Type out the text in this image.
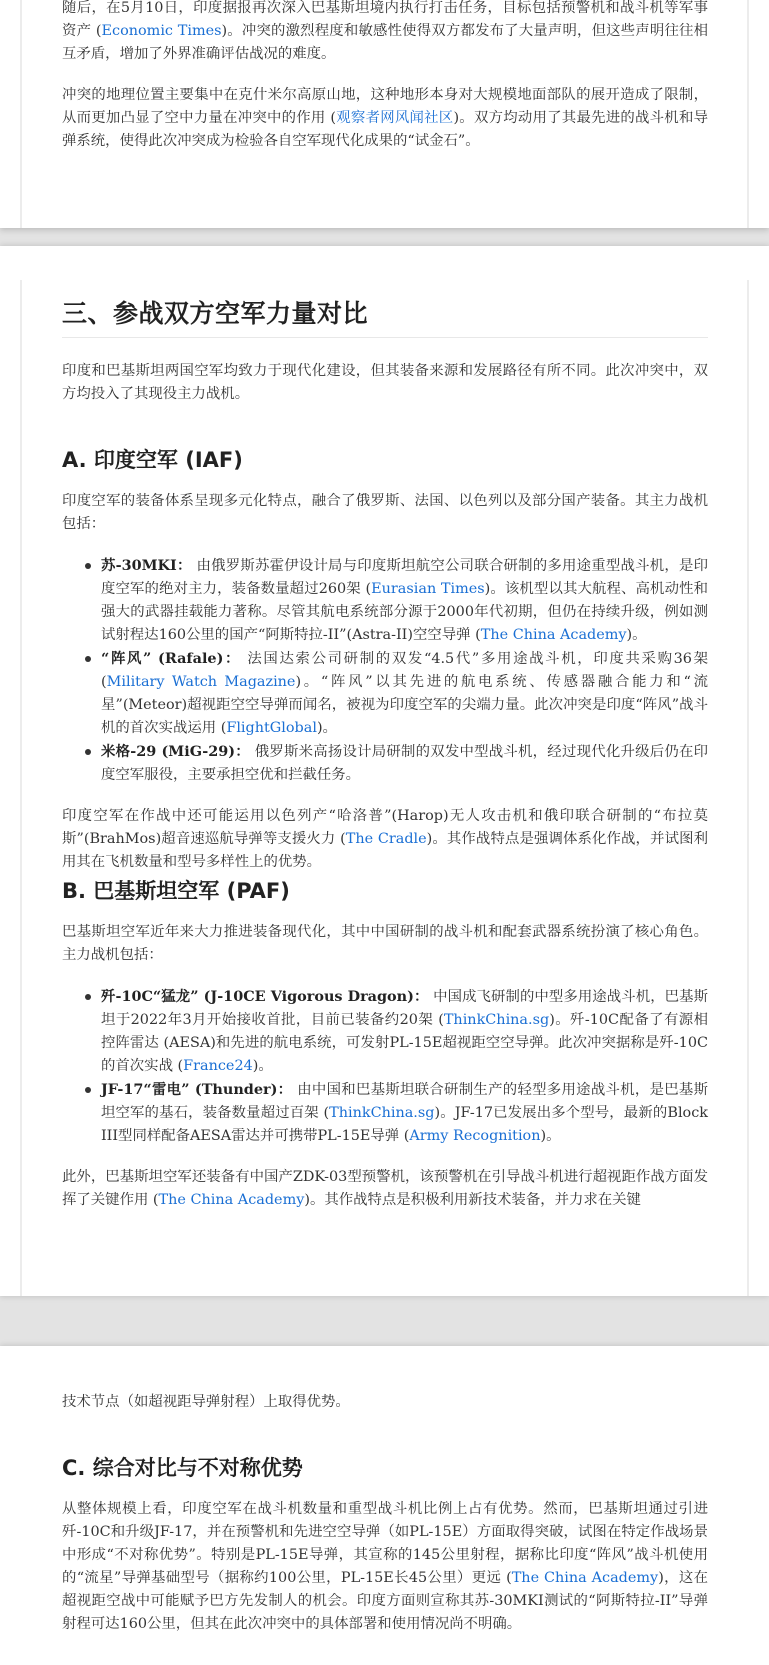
随后，在5月10日，印度据报再次深入巴基斯坦境内执行打击任务，目标包括预警机和战斗机等军事资产 (Economic Times)。冲突的激烈程度和敏感性使得双方都发布了大量声明，但这些声明往往相互矛盾，增加了外界准确评估战况的难度。

冲突的地理位置主要集中在克什米尔高原山地，这种地形本身对大规模地面部队的展开造成了限制，从而更加凸显了空中力量在冲突中的作用 (观察者网风闻社区)。双方均动用了其最先进的战斗机和导弹系统，使得此次冲突成为检验各自空军现代化成果的“试金石”。

三、参战双方空军力量对比

印度和巴基斯坦两国空军均致力于现代化建设，但其装备来源和发展路径有所不同。此次冲突中，双方均投入了其现役主力战机。

A. 印度空军 (IAF)

印度空军的装备体系呈现多元化特点，融合了俄罗斯、法国、以色列以及部分国产装备。其主力战机包括：

苏-30MKI： 由俄罗斯苏霍伊设计局与印度斯坦航空公司联合研制的多用途重型战斗机，是印度空军的绝对主力，装备数量超过260架 (Eurasian Times)。该机型以其大航程、高机动性和强大的武器挂载能力著称。尽管其航电系统部分源于2000年代初期，但仍在持续升级，例如测试射程达160公里的国产“阿斯特拉-II”(Astra-II)空空导弹 (The China Academy)。
“阵风” (Rafale)： 法国达索公司研制的双发“4.5代”多用途战斗机，印度共采购36架 (Military Watch Magazine)。“阵风”以其先进的航电系统、传感器融合能力和“流星”(Meteor)超视距空空导弹而闻名，被视为印度空军的尖端力量。此次冲突是印度“阵风”战斗机的首次实战运用 (FlightGlobal)。
米格-29 (MiG-29)： 俄罗斯米高扬设计局研制的双发中型战斗机，经过现代化升级后仍在印度空军服役，主要承担空优和拦截任务。

印度空军在作战中还可能运用以色列产“哈洛普”(Harop)无人攻击机和俄印联合研制的“布拉莫斯”(BrahMos)超音速巡航导弹等支援火力 (The Cradle)。其作战特点是强调体系化作战，并试图利用其在飞机数量和型号多样性上的优势。

B. 巴基斯坦空军 (PAF)

巴基斯坦空军近年来大力推进装备现代化，其中中国研制的战斗机和配套武器系统扮演了核心角色。主力战机包括：

歼-10C“猛龙” (J-10CE Vigorous Dragon)： 中国成飞研制的中型多用途战斗机，巴基斯坦于2022年3月开始接收首批，目前已装备约20架 (ThinkChina.sg)。歼-10C配备了有源相控阵雷达 (AESA)和先进的航电系统，可发射PL-15E超视距空空导弹。此次冲突据称是歼-10C的首次实战 (France24)。
JF-17“雷电” (Thunder)： 由中国和巴基斯坦联合研制生产的轻型多用途战斗机，是巴基斯坦空军的基石，装备数量超过百架 (ThinkChina.sg)。JF-17已发展出多个型号，最新的Block III型同样配备AESA雷达并可携带PL-15E导弹 (Army Recognition)。

此外，巴基斯坦空军还装备有中国产ZDK-03型预警机，该预警机在引导战斗机进行超视距作战方面发挥了关键作用 (The China Academy)。其作战特点是积极利用新技术装备，并力求在关键

技术节点（如超视距导弹射程）上取得优势。

C. 综合对比与不对称优势

从整体规模上看，印度空军在战斗机数量和重型战斗机比例上占有优势。然而，巴基斯坦通过引进歼-10C和升级JF-17，并在预警机和先进空空导弹（如PL-15E）方面取得突破，试图在特定作战场景中形成“不对称优势”。特别是PL-15E导弹，其宣称的145公里射程，据称比印度“阵风”战斗机使用的“流星”导弹基础型号（据称约100公里，PL-15E长45公里）更远 (The China Academy)，这在超视距空战中可能赋予巴方先发制人的机会。印度方面则宣称其苏-30MKI测试的“阿斯特拉-II”导弹射程可达160公里，但其在此次冲突中的具体部署和使用情况尚不明确。
